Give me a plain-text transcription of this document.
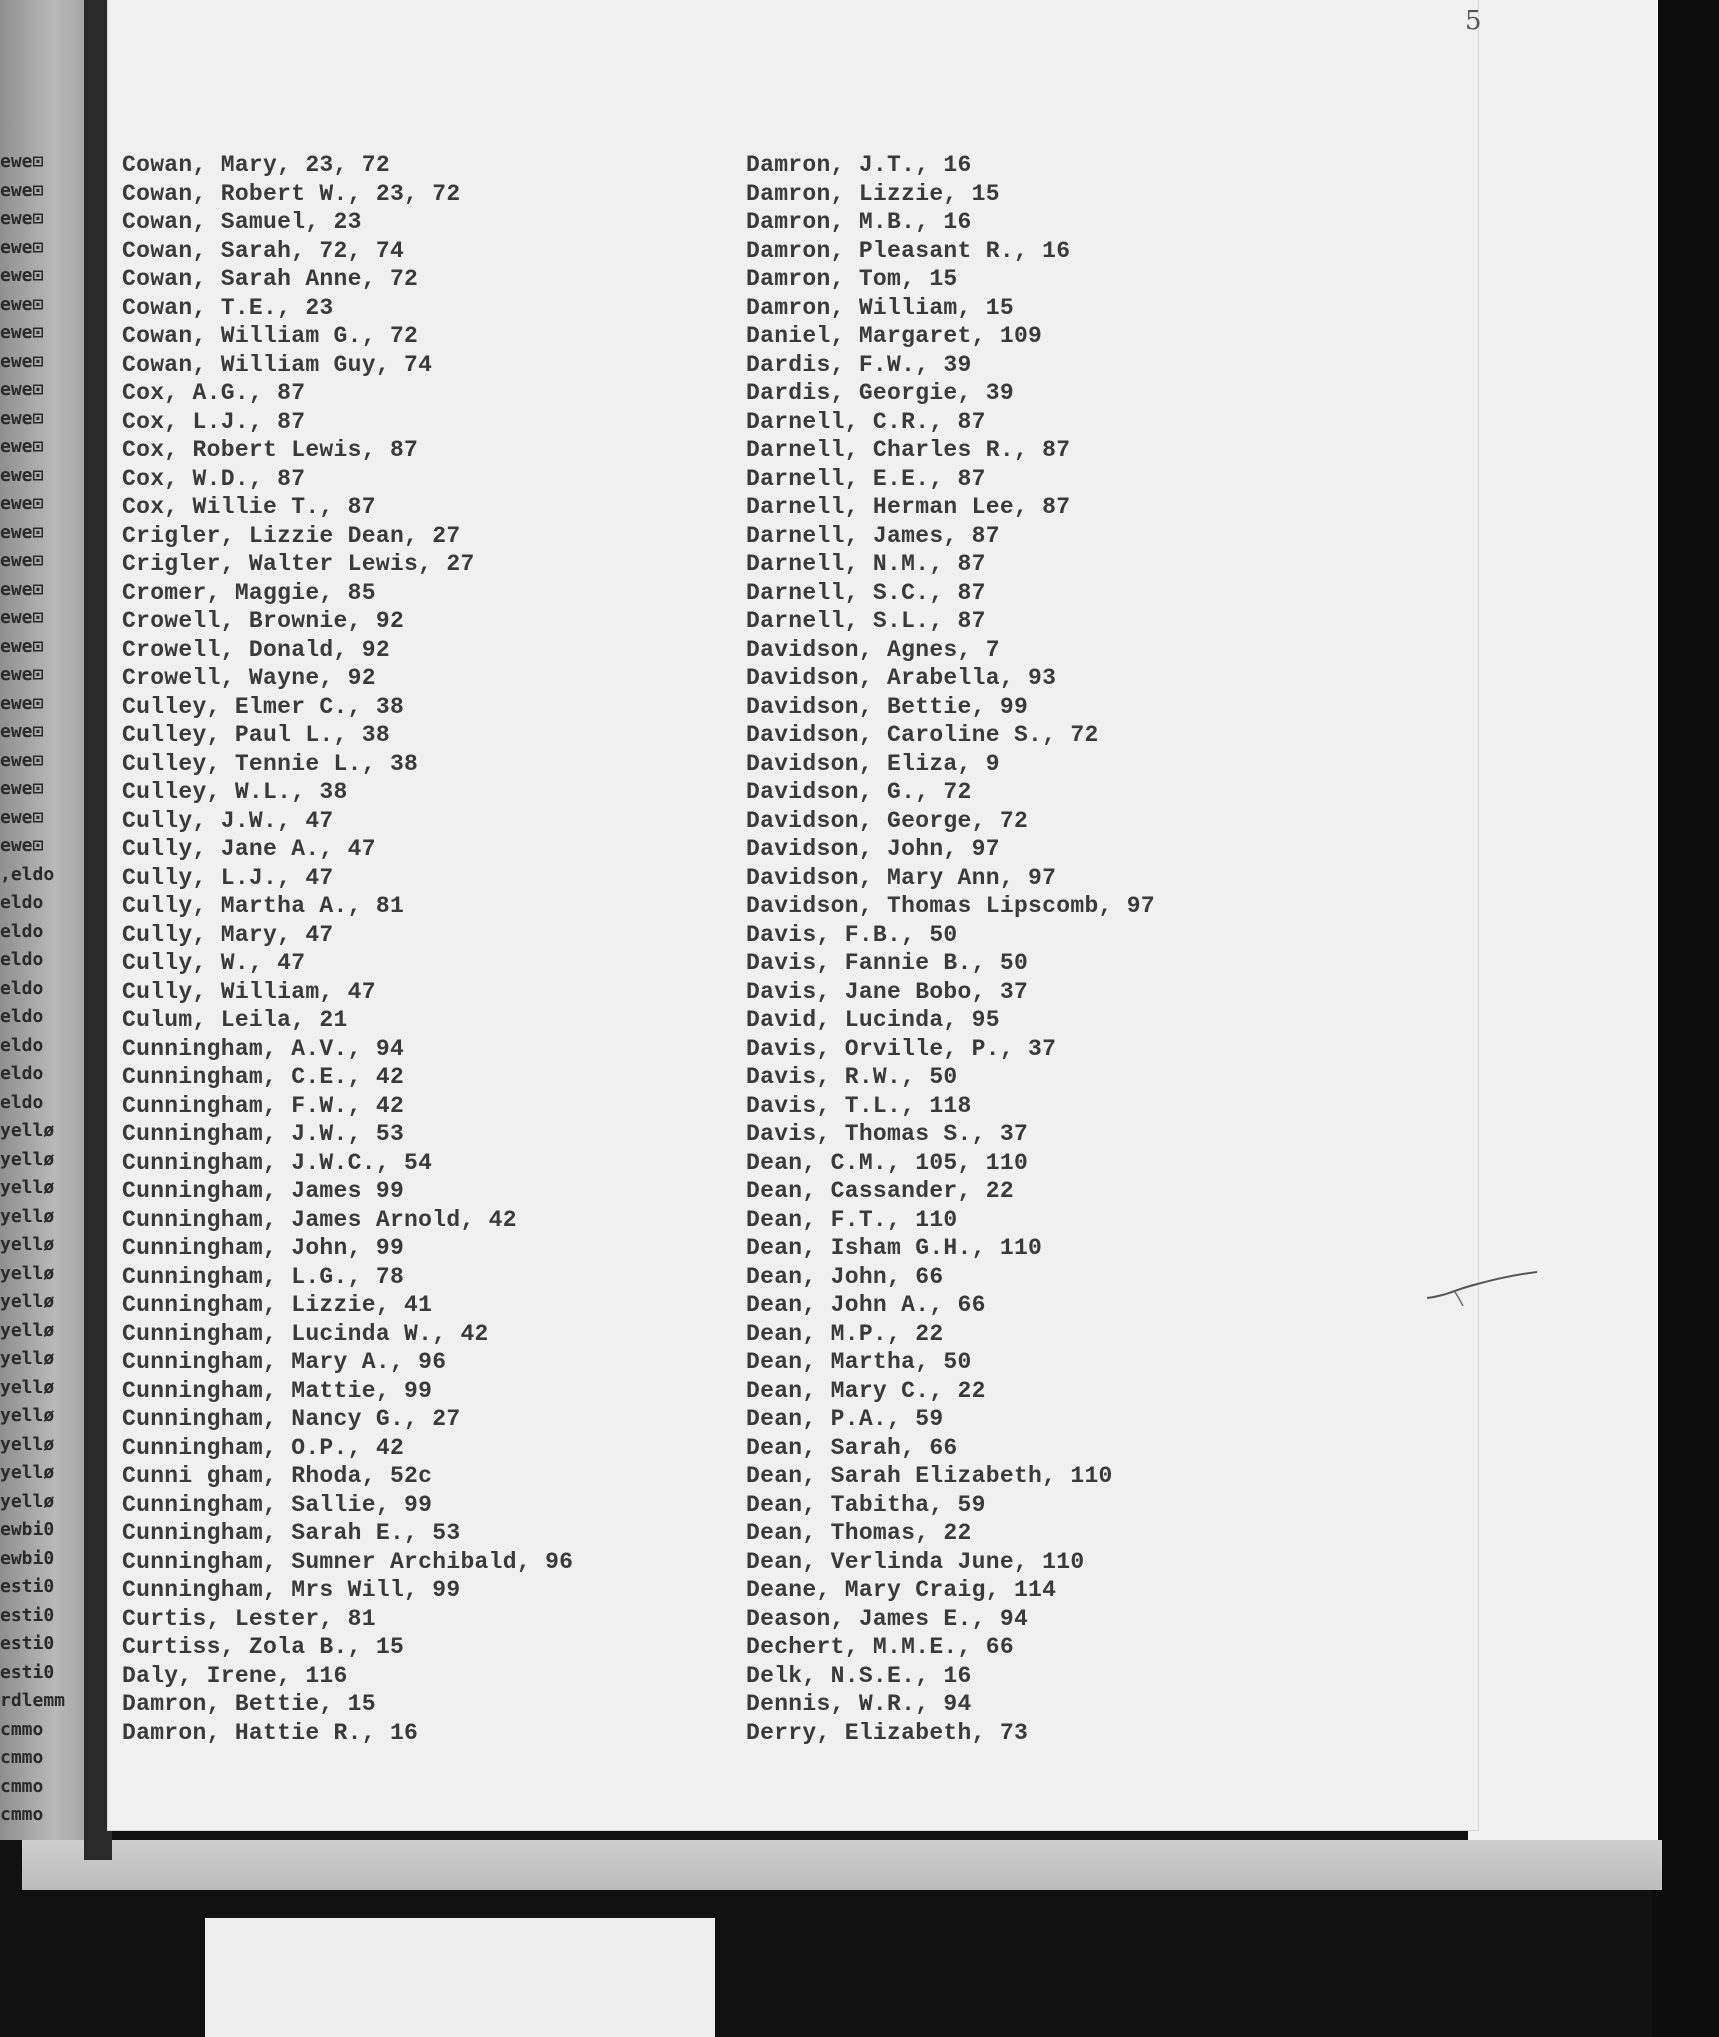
ewe⊡
ewe⊡
ewe⊡
ewe⊡
ewe⊡
ewe⊡
ewe⊡
ewe⊡
ewe⊡
ewe⊡
ewe⊡
ewe⊡
ewe⊡
ewe⊡
ewe⊡
ewe⊡
ewe⊡
ewe⊡
ewe⊡
ewe⊡
ewe⊡
ewe⊡
ewe⊡
ewe⊡
ewe⊡
,eldo
eldo
eldo
eldo
eldo
eldo
eldo
eldo
eldo
yellø
yellø
yellø
yellø
yellø
yellø
yellø
yellø
yellø
yellø
yellø
yellø
yellø
yellø
ewbi0
ewbi0
esti0
esti0
esti0
esti0
rdlemm
cmmo
cmmo
cmmo
cmmo
5
Cowan, Mary, 23, 72
Cowan, Robert W., 23, 72
Cowan, Samuel, 23
Cowan, Sarah, 72, 74
Cowan, Sarah Anne, 72
Cowan, T.E., 23
Cowan, William G., 72
Cowan, William Guy, 74
Cox, A.G., 87
Cox, L.J., 87
Cox, Robert Lewis, 87
Cox, W.D., 87
Cox, Willie T., 87
Crigler, Lizzie Dean, 27
Crigler, Walter Lewis, 27
Cromer, Maggie, 85
Crowell, Brownie, 92
Crowell, Donald, 92
Crowell, Wayne, 92
Culley, Elmer C., 38
Culley, Paul L., 38
Culley, Tennie L., 38
Culley, W.L., 38
Cully, J.W., 47
Cully, Jane A., 47
Cully, L.J., 47
Cully, Martha A., 81
Cully, Mary, 47
Cully, W., 47
Cully, William, 47
Culum, Leila, 21
Cunningham, A.V., 94
Cunningham, C.E., 42
Cunningham, F.W., 42
Cunningham, J.W., 53
Cunningham, J.W.C., 54
Cunningham, James 99
Cunningham, James Arnold, 42
Cunningham, John, 99
Cunningham, L.G., 78
Cunningham, Lizzie, 41
Cunningham, Lucinda W., 42
Cunningham, Mary A., 96
Cunningham, Mattie, 99
Cunningham, Nancy G., 27
Cunningham, O.P., 42
Cunni gham, Rhoda, 52c
Cunningham, Sallie, 99
Cunningham, Sarah E., 53
Cunningham, Sumner Archibald, 96
Cunningham, Mrs Will, 99
Curtis, Lester, 81
Curtiss, Zola B., 15
Daly, Irene, 116
Damron, Bettie, 15
Damron, Hattie R., 16
Damron, J.T., 16
Damron, Lizzie, 15
Damron, M.B., 16
Damron, Pleasant R., 16
Damron, Tom, 15
Damron, William, 15
Daniel, Margaret, 109
Dardis, F.W., 39
Dardis, Georgie, 39
Darnell, C.R., 87
Darnell, Charles R., 87
Darnell, E.E., 87
Darnell, Herman Lee, 87
Darnell, James, 87
Darnell, N.M., 87
Darnell, S.C., 87
Darnell, S.L., 87
Davidson, Agnes, 7
Davidson, Arabella, 93
Davidson, Bettie, 99
Davidson, Caroline S., 72
Davidson, Eliza, 9
Davidson, G., 72
Davidson, George, 72
Davidson, John, 97
Davidson, Mary Ann, 97
Davidson, Thomas Lipscomb, 97
Davis, F.B., 50
Davis, Fannie B., 50
Davis, Jane Bobo, 37
David, Lucinda, 95
Davis, Orville, P., 37
Davis, R.W., 50
Davis, T.L., 118
Davis, Thomas S., 37
Dean, C.M., 105, 110
Dean, Cassander, 22
Dean, F.T., 110
Dean, Isham G.H., 110
Dean, John, 66
Dean, John A., 66
Dean, M.P., 22
Dean, Martha, 50
Dean, Mary C., 22
Dean, P.A., 59
Dean, Sarah, 66
Dean, Sarah Elizabeth, 110
Dean, Tabitha, 59
Dean, Thomas, 22
Dean, Verlinda June, 110
Deane, Mary Craig, 114
Deason, James E., 94
Dechert, M.M.E., 66
Delk, N.S.E., 16
Dennis, W.R., 94
Derry, Elizabeth, 73
